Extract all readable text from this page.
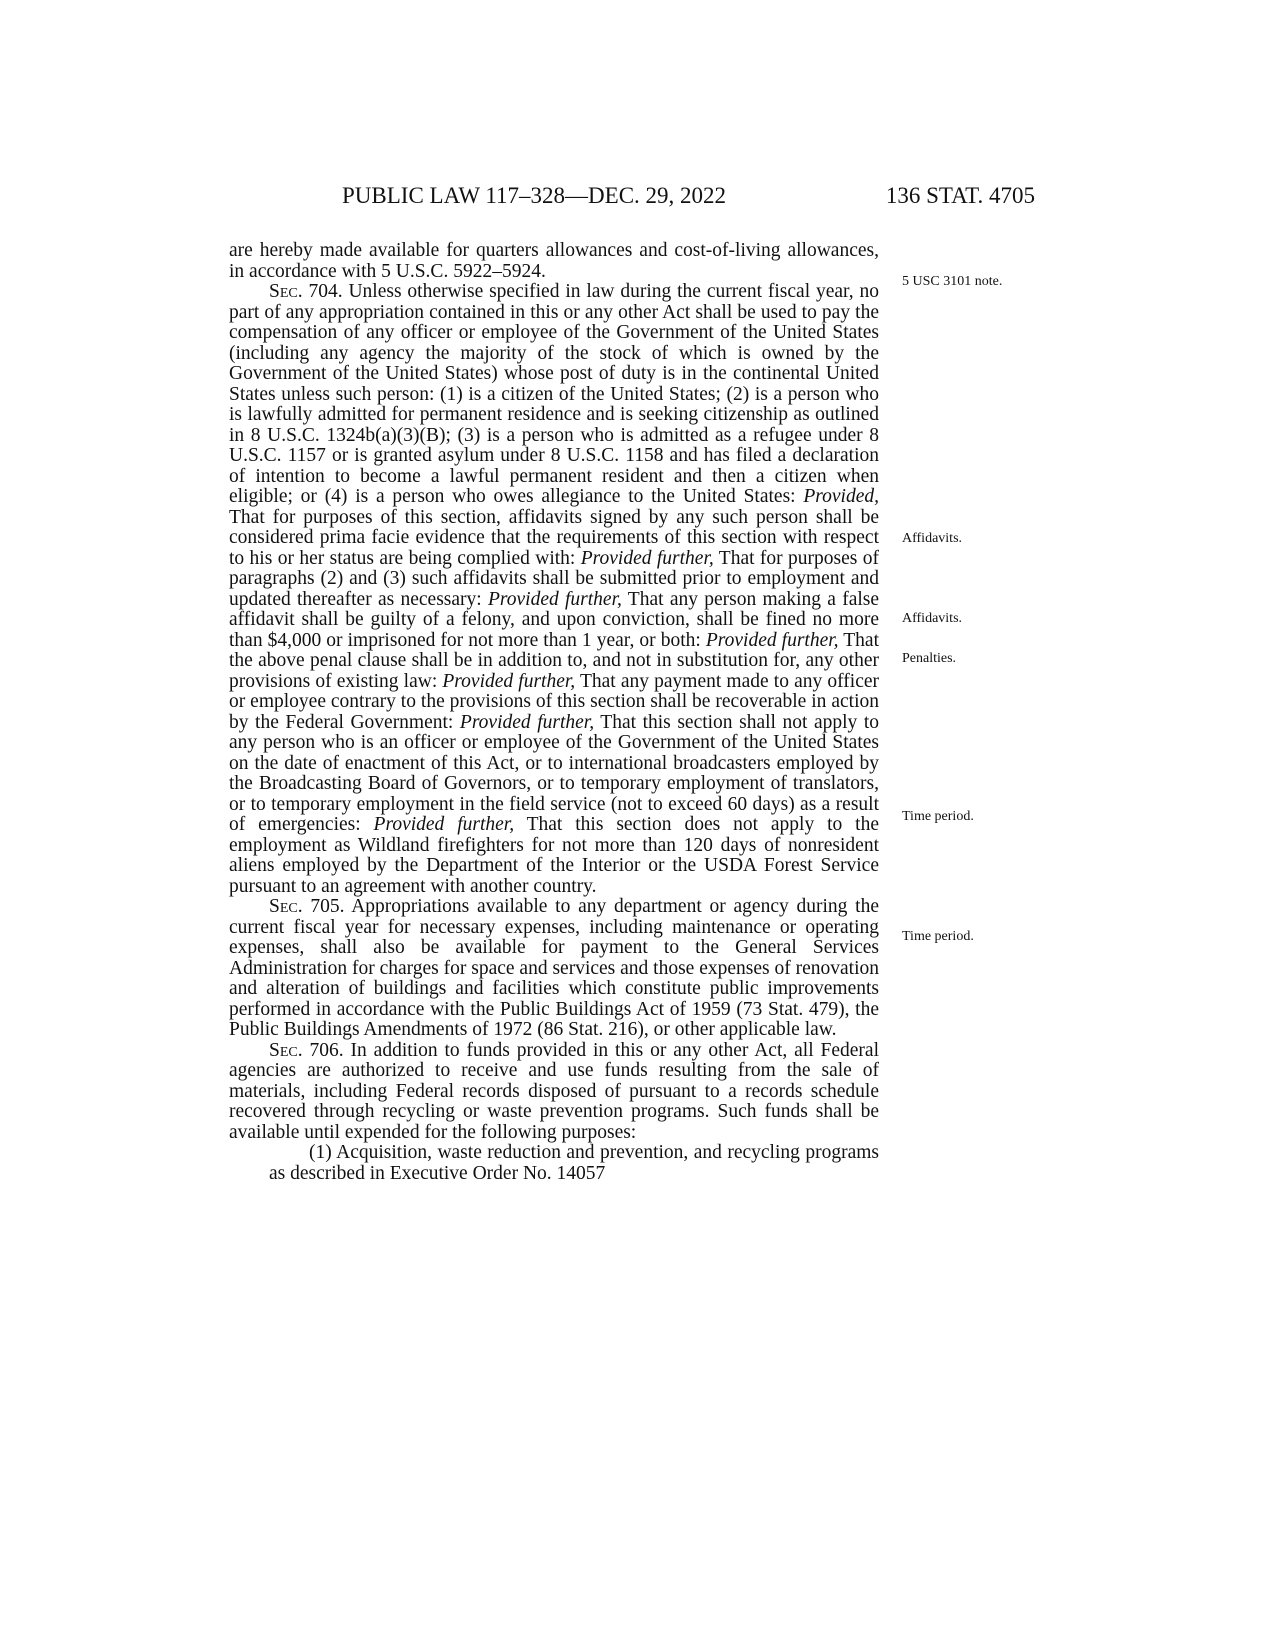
PUBLIC LAW 117–328—DEC. 29, 2022	136 STAT. 4705

are hereby made available for quarters allowances and cost-of-living allowances, in accordance with 5 U.S.C. 5922–5924.

Sec. 704. Unless otherwise specified in law during the current fiscal year, no part of any appropriation contained in this or any other Act shall be used to pay the compensation of any officer or employee of the Government of the United States (including any agency the majority of the stock of which is owned by the Government of the United States) whose post of duty is in the continental United States unless such person: (1) is a citizen of the United States; (2) is a person who is lawfully admitted for permanent residence and is seeking citizenship as outlined in 8 U.S.C. 1324b(a)(3)(B); (3) is a person who is admitted as a refugee under 8 U.S.C. 1157 or is granted asylum under 8 U.S.C. 1158 and has filed a declaration of intention to become a lawful permanent resident and then a citizen when eligible; or (4) is a person who owes allegiance to the United States: Provided, That for purposes of this section, affidavits signed by any such person shall be considered prima facie evidence that the requirements of this section with respect to his or her status are being complied with: Provided further, That for purposes of paragraphs (2) and (3) such affidavits shall be submitted prior to employment and updated thereafter as necessary: Provided further, That any person making a false affidavit shall be guilty of a felony, and upon conviction, shall be fined no more than $4,000 or imprisoned for not more than 1 year, or both: Provided further, That the above penal clause shall be in addition to, and not in substitution for, any other provisions of existing law: Provided further, That any payment made to any officer or employee contrary to the provisions of this section shall be recoverable in action by the Federal Government: Provided further, That this section shall not apply to any person who is an officer or employee of the Government of the United States on the date of enactment of this Act, or to international broadcasters employed by the Broadcasting Board of Governors, or to temporary employment of translators, or to temporary employment in the field service (not to exceed 60 days) as a result of emergencies: Provided further, That this section does not apply to the employment as Wildland firefighters for not more than 120 days of nonresident aliens employed by the Department of the Interior or the USDA Forest Service pursuant to an agreement with another country.

Sec. 705. Appropriations available to any department or agency during the current fiscal year for necessary expenses, including maintenance or operating expenses, shall also be available for payment to the General Services Administration for charges for space and services and those expenses of renovation and alteration of buildings and facilities which constitute public improvements performed in accordance with the Public Buildings Act of 1959 (73 Stat. 479), the Public Buildings Amendments of 1972 (86 Stat. 216), or other applicable law.

Sec. 706. In addition to funds provided in this or any other Act, all Federal agencies are authorized to receive and use funds resulting from the sale of materials, including Federal records disposed of pursuant to a records schedule recovered through recycling or waste prevention programs. Such funds shall be available until expended for the following purposes:

(1) Acquisition, waste reduction and prevention, and recycling programs as described in Executive Order No. 14057

5 USC 3101 note.
Affidavits.
Affidavits.
Penalties.
Time period.
Time period.
